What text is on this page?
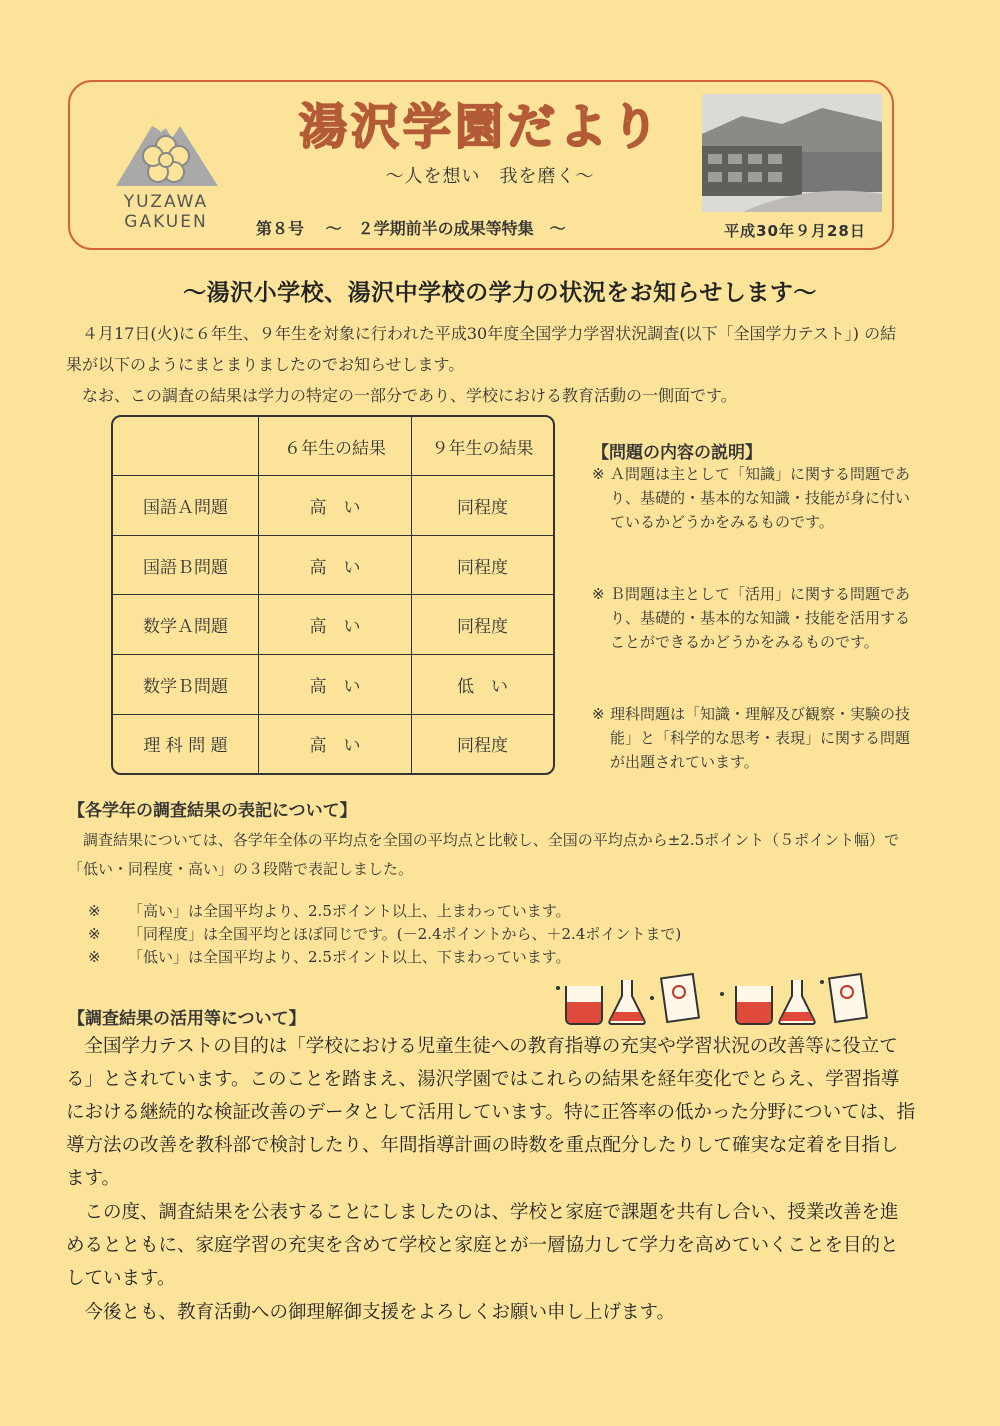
YUZAWA
GAKUEN
湯沢学園だより
～人を想い　我を磨く～
第８号　 ～　２学期前半の成果等特集　～	平成30年９月28日
～湯沢小学校、湯沢中学校の学力の状況をお知らせします～
４月17日(火)に６年生、９年生を対象に行われた平成30年度全国学力学習状況調査(以下「全国学力テスト」) の結果が以下のようにまとまりましたのでお知らせします。
なお、この調査の結果は学力の特定の一部分であり、学校における教育活動の一側面です。
	６年生の結果	９年生の結果
国語Ａ問題	高　い	同程度
国語Ｂ問題	高　い	同程度
数学Ａ問題	高　い	同程度
数学Ｂ問題	高　い	低　い
理 科 問 題	高　い	同程度
【問題の内容の説明】
※ Ａ問題は主として「知識」に関する問題であり、基礎的・基本的な知識・技能が身に付いているかどうかをみるものです。
※ Ｂ問題は主として「活用」に関する問題であり、基礎的・基本的な知識・技能を活用することができるかどうかをみるものです。
※ 理科問題は「知識・理解及び観察・実験の技能」と「科学的な思考・表現」に関する問題が出題されています。
【各学年の調査結果の表記について】
調査結果については、各学年全体の平均点を全国の平均点と比較し、全国の平均点から±2.5ポイント（５ポイント幅）で「低い・同程度・高い」の３段階で表記しました。
※ 「高い」は全国平均より、2.5ポイント以上、上まわっています。
※ 「同程度」は全国平均とほぼ同じです。(－2.4ポイントから、＋2.4ポイントまで)
※ 「低い」は全国平均より、2.5ポイント以上、下まわっています。
【調査結果の活用等について】
全国学力テストの目的は「学校における児童生徒への教育指導の充実や学習状況の改善等に役立てる」とされています。このことを踏まえ、湯沢学園ではこれらの結果を経年変化でとらえ、学習指導における継続的な検証改善のデータとして活用しています。特に正答率の低かった分野については、指導方法の改善を教科部で検討したり、年間指導計画の時数を重点配分したりして確実な定着を目指します。
この度、調査結果を公表することにしましたのは、学校と家庭で課題を共有し合い、授業改善を進めるとともに、家庭学習の充実を含めて学校と家庭とが一層協力して学力を高めていくことを目的としています。
今後とも、教育活動への御理解御支援をよろしくお願い申し上げます。
